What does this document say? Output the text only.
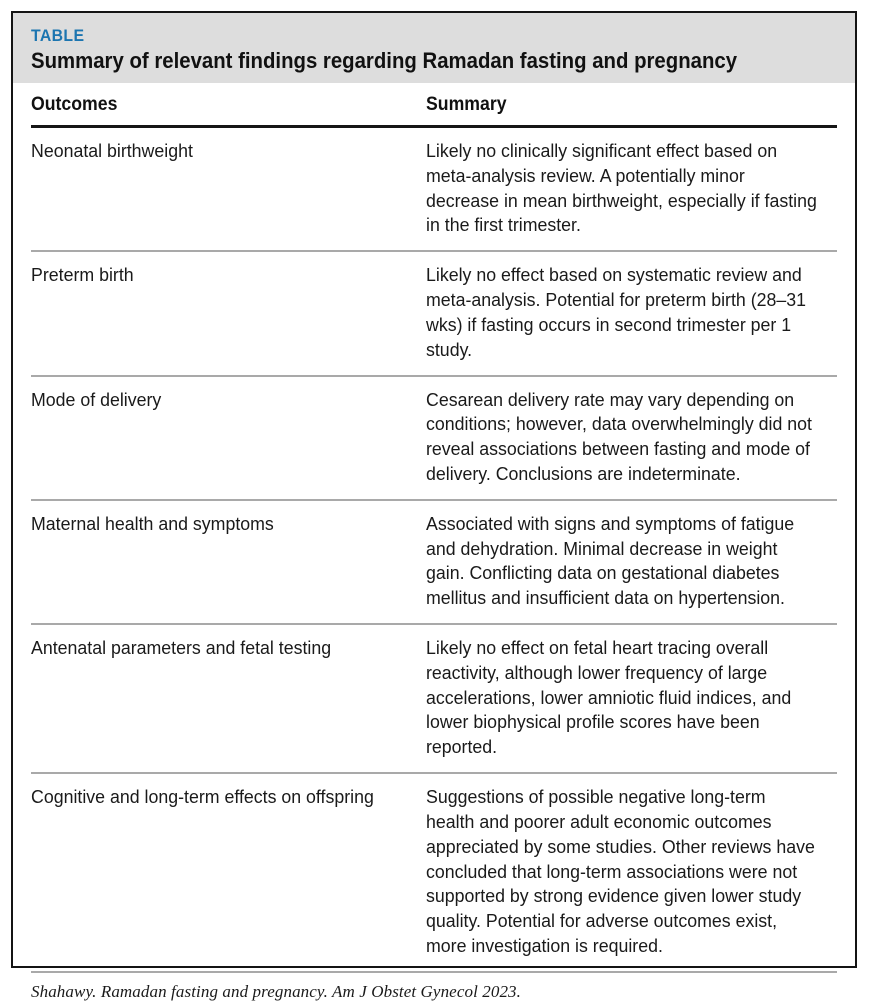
TABLE
Summary of relevant findings regarding Ramadan fasting and pregnancy
Outcomes	Summary

Neonatal birthweight	Likely no clinically significant effect based on meta-analysis review. A potentially minor decrease in mean birthweight, especially if fasting in the first trimester.

Preterm birth	Likely no effect based on systematic review and meta-analysis. Potential for preterm birth (28–31 wks) if fasting occurs in second trimester per 1 study.

Mode of delivery	Cesarean delivery rate may vary depending on conditions; however, data overwhelmingly did not reveal associations between fasting and mode of delivery. Conclusions are indeterminate.

Maternal health and symptoms	Associated with signs and symptoms of fatigue and dehydration. Minimal decrease in weight gain. Conflicting data on gestational diabetes mellitus and insufficient data on hypertension.

Antenatal parameters and fetal testing	Likely no effect on fetal heart tracing overall reactivity, although lower frequency of large accelerations, lower amniotic fluid indices, and lower biophysical profile scores have been reported.

Cognitive and long-term effects on offspring	Suggestions of possible negative long-term health and poorer adult economic outcomes appreciated by some studies. Other reviews have concluded that long-term associations were not supported by strong evidence given lower study quality. Potential for adverse outcomes exist, more investigation is required.
Shahawy. Ramadan fasting and pregnancy. Am J Obstet Gynecol 2023.
